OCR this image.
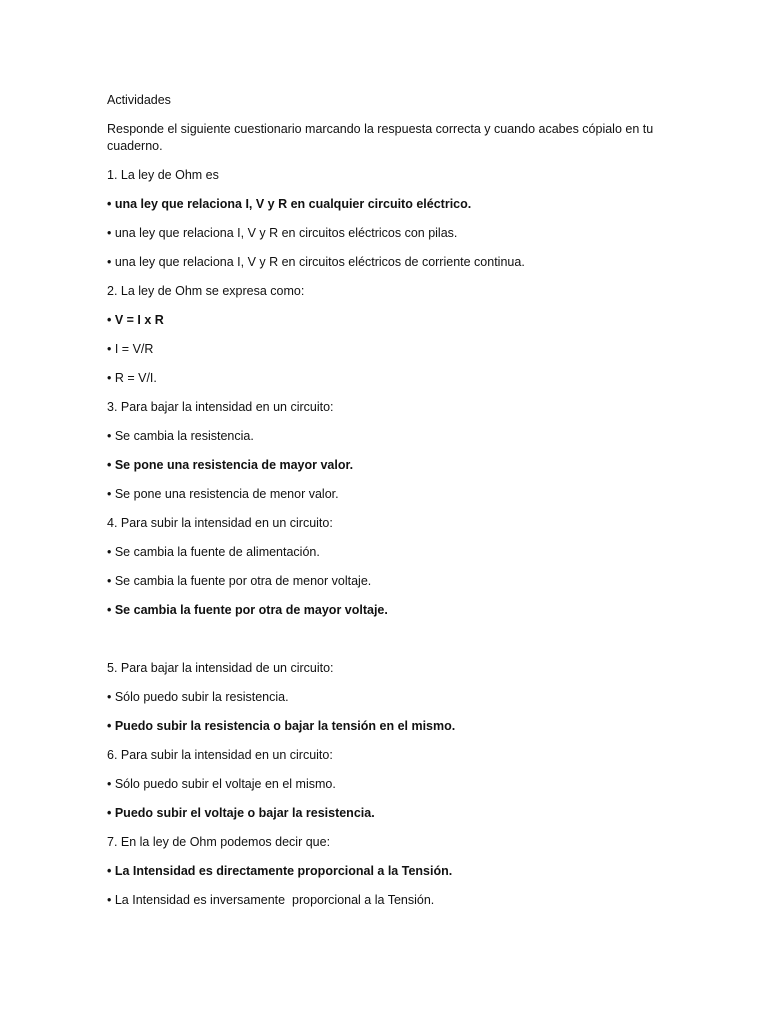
Actividades

Responde el siguiente cuestionario marcando la respuesta correcta y cuando acabes cópialo en tu cuaderno.

1. La ley de Ohm es

• una ley que relaciona I, V y R en cualquier circuito eléctrico.

• una ley que relaciona I, V y R en circuitos eléctricos con pilas.

• una ley que relaciona I, V y R en circuitos eléctricos de corriente continua.

2. La ley de Ohm se expresa como:

• V = I x R

• I = V/R

• R = V/I.

3. Para bajar la intensidad en un circuito:

• Se cambia la resistencia.

• Se pone una resistencia de mayor valor.

• Se pone una resistencia de menor valor.

4. Para subir la intensidad en un circuito:

• Se cambia la fuente de alimentación.

• Se cambia la fuente por otra de menor voltaje.

• Se cambia la fuente por otra de mayor voltaje.

5. Para bajar la intensidad de un circuito:

• Sólo puedo subir la resistencia.

• Puedo subir la resistencia o bajar la tensión en el mismo.

6. Para subir la intensidad en un circuito:

• Sólo puedo subir el voltaje en el mismo.

• Puedo subir el voltaje o bajar la resistencia.

7. En la ley de Ohm podemos decir que:

• La Intensidad es directamente proporcional a la Tensión.

• La Intensidad es inversamente  proporcional a la Tensión.
